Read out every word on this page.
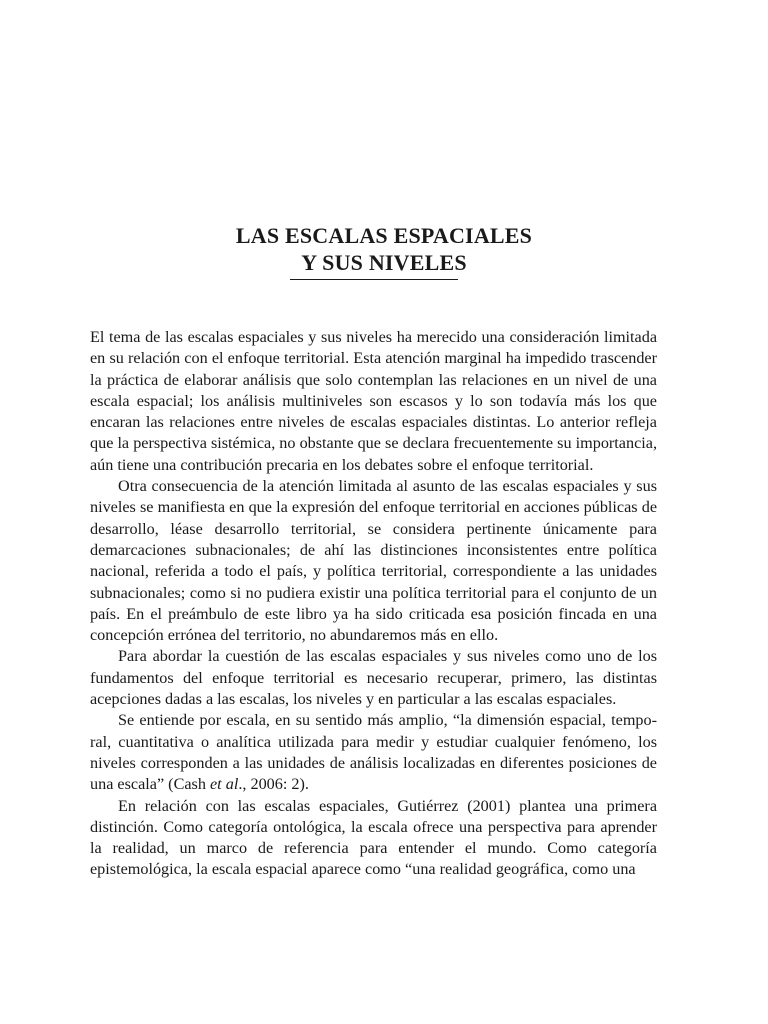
LAS ESCALAS ESPACIALES
Y SUS NIVELES

El tema de las escalas espaciales y sus niveles ha merecido una consideración limitada en su relación con el enfoque territorial. Esta atención marginal ha impedido trascender la práctica de elaborar análisis que solo contemplan las relaciones en un nivel de una escala espacial; los análisis multiniveles son escasos y lo son todavía más los que encaran las relaciones entre niveles de escalas espaciales distintas. Lo anterior refleja que la perspectiva sistémica, no obstante que se declara frecuentemente su importancia, aún tiene una contribución precaria en los debates sobre el enfoque territorial.

Otra consecuencia de la atención limitada al asunto de las escalas espaciales y sus niveles se manifiesta en que la expresión del enfoque territorial en acciones públicas de desarrollo, léase desarrollo territorial, se considera pertinente únicamente para demarcaciones subnacionales; de ahí las distinciones inconsistentes entre política nacional, referida a todo el país, y política territorial, correspondiente a las unidades subnacionales; como si no pudiera existir una política territorial para el conjunto de un país. En el preámbulo de este libro ya ha sido criticada esa posición fincada en una concepción errónea del territorio, no abundaremos más en ello.

Para abordar la cuestión de las escalas espaciales y sus niveles como uno de los fundamentos del enfoque territorial es necesario recuperar, primero, las distintas acepciones dadas a las escalas, los niveles y en particular a las escalas espaciales.

Se entiende por escala, en su sentido más amplio, “la dimensión espacial, temporal, cuantitativa o analítica utilizada para medir y estudiar cualquier fenómeno, los niveles corresponden a las unidades de análisis localizadas en diferentes posiciones de una escala” (Cash et al., 2006: 2).

En relación con las escalas espaciales, Gutiérrez (2001) plantea una primera distinción. Como categoría ontológica, la escala ofrece una perspectiva para aprender la realidad, un marco de referencia para entender el mundo. Como categoría epistemológica, la escala espacial aparece como “una realidad geográfica, como una
